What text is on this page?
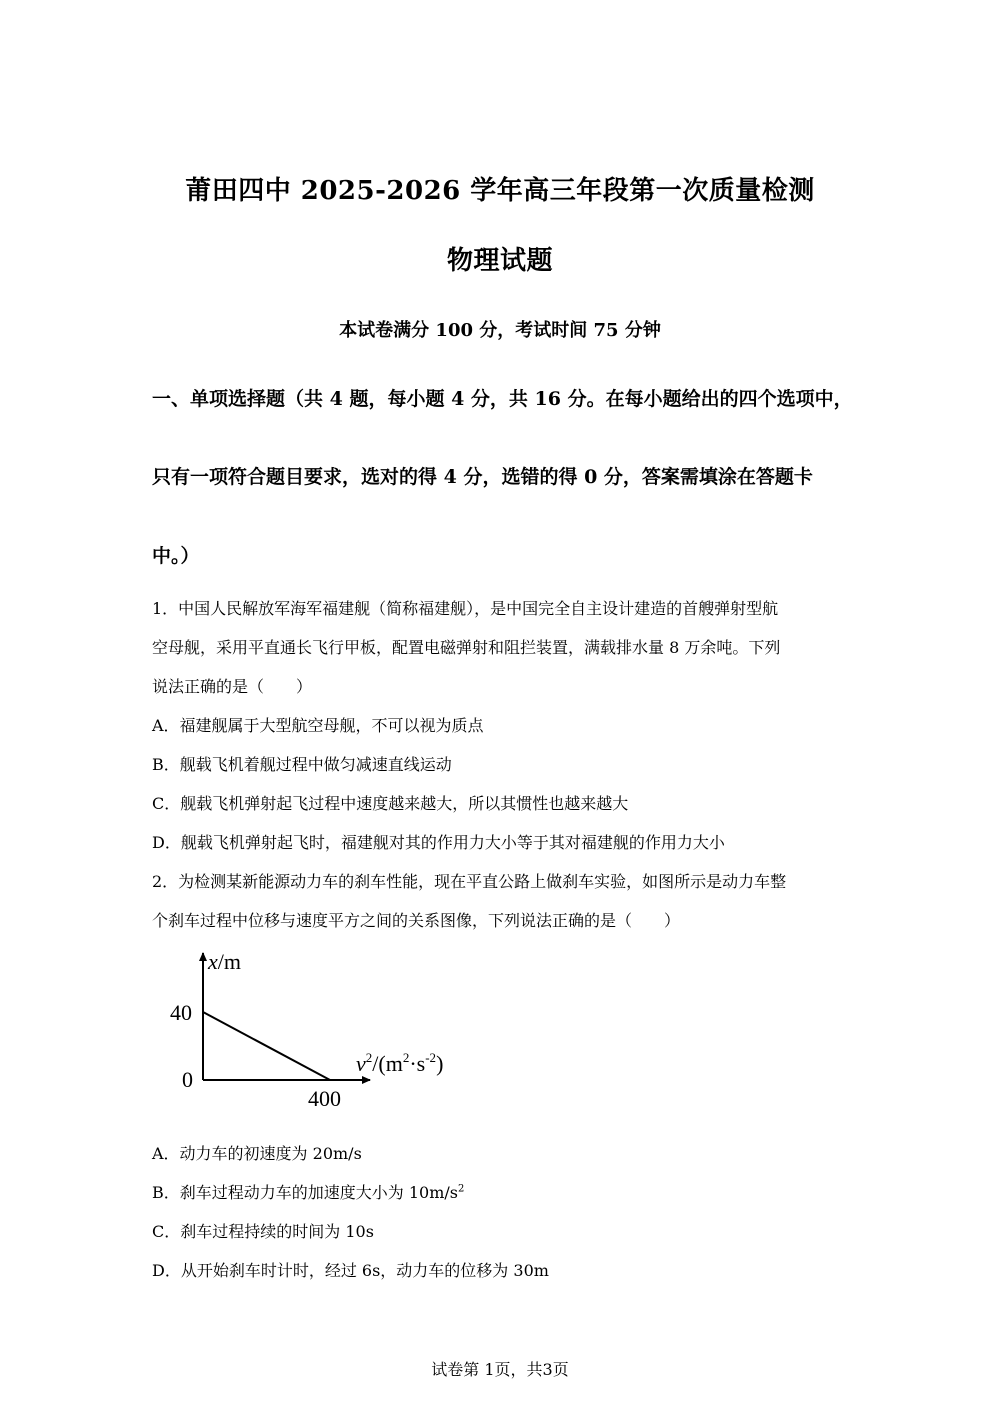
莆田四中 2025-2026 学年高三年段第一次质量检测
物理试题
本试卷满分 100 分，考试时间 75 分钟
一、单项选择题（共 4 题，每小题 4 分，共 16 分。在每小题给出的四个选项中，
只有一项符合题目要求，选对的得 4 分，选错的得 0 分，答案需填涂在答题卡
中。）
1．中国人民解放军海军福建舰（简称福建舰），是中国完全自主设计建造的首艘弹射型航
空母舰，采用平直通长飞行甲板，配置电磁弹射和阻拦装置，满载排水量 8 万余吨。下列
说法正确的是（　　）
A．福建舰属于大型航空母舰，不可以视为质点
B．舰载飞机着舰过程中做匀减速直线运动
C．舰载飞机弹射起飞过程中速度越来越大，所以其惯性也越来越大
D．舰载飞机弹射起飞时，福建舰对其的作用力大小等于其对福建舰的作用力大小
2．为检测某新能源动力车的刹车性能，现在平直公路上做刹车实验，如图所示是动力车整
个刹车过程中位移与速度平方之间的关系图像，下列说法正确的是（　　）
x/m
40
0
400
$v^2/(m^2\cdot s^{-2})$
A．动力车的初速度为 20m/s
B．刹车过程动力车的加速度大小为 $10m/s^2$
C．刹车过程持续的时间为 10s
D．从开始刹车时计时，经过 6s，动力车的位移为 30m
试卷第 1页，共3页
